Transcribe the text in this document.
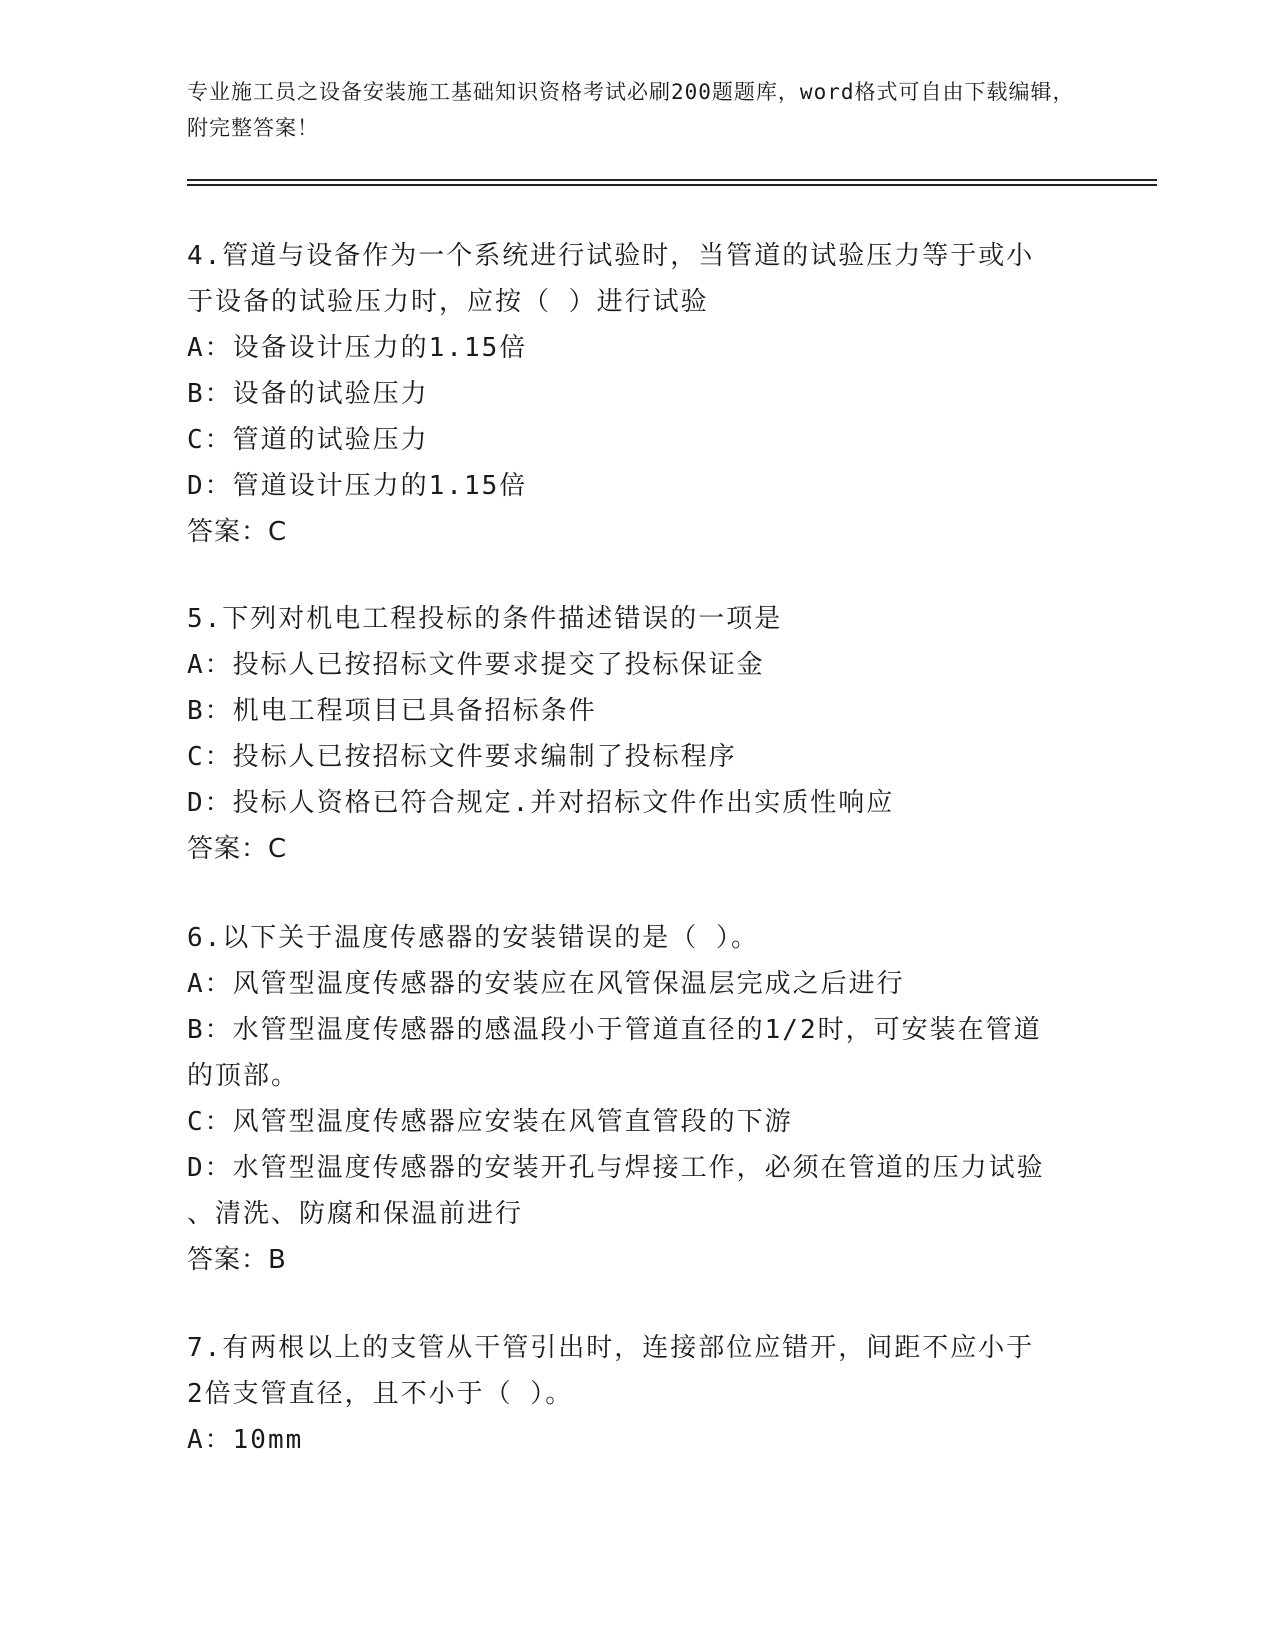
专业施工员之设备安装施工基础知识资格考试必刷200题题库，word格式可自由下载编辑，附完整答案！

4.管道与设备作为一个系统进行试验时，当管道的试验压力等于或小

于设备的试验压力时，应按（ ）进行试验

A：设备设计压力的1.15倍

B：设备的试验压力

C：管道的试验压力

D：管道设计压力的1.15倍

答案：C

5.下列对机电工程投标的条件描述错误的一项是

A：投标人已按招标文件要求提交了投标保证金

B：机电工程项目已具备招标条件

C：投标人已按招标文件要求编制了投标程序

D：投标人资格已符合规定.并对招标文件作出实质性响应

答案：C

6.以下关于温度传感器的安装错误的是（ ）。

A：风管型温度传感器的安装应在风管保温层完成之后进行

B：水管型温度传感器的感温段小于管道直径的1/2时，可安装在管道

的顶部。

C：风管型温度传感器应安装在风管直管段的下游

D：水管型温度传感器的安装开孔与焊接工作，必须在管道的压力试验

、清洗、防腐和保温前进行

答案：B

7.有两根以上的支管从干管引出时，连接部位应错开，间距不应小于

2倍支管直径，且不小于（ ）。

A：10mm
